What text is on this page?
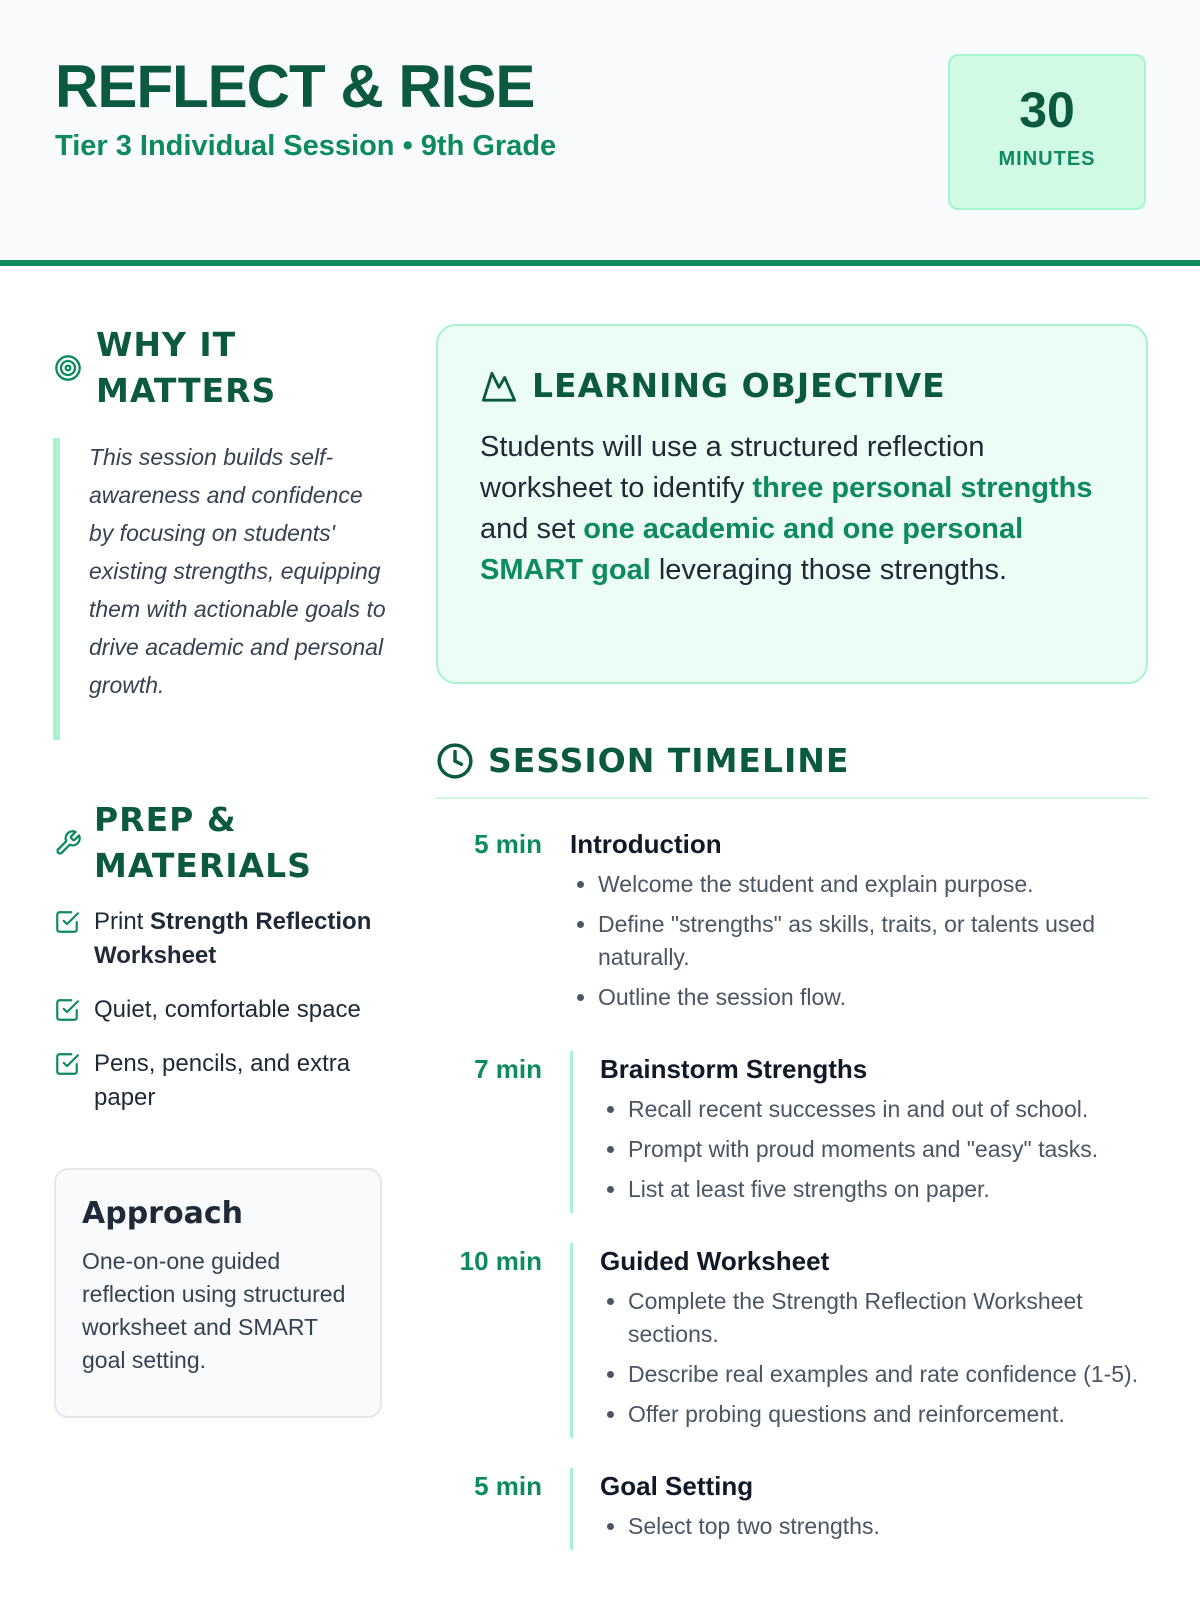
REFLECT & RISE
Tier 3 Individual Session • 9th Grade
30
MINUTES
WHY IT MATTERS
This session builds self-awareness and confidence by focusing on students' existing strengths, equipping them with actionable goals to drive academic and personal growth.
PREP & MATERIALS
Print Strength Reflection Worksheet
Quiet, comfortable space
Pens, pencils, and extra paper
Approach

One-on-one guided reflection using structured worksheet and SMART goal setting.

LEARNING OBJECTIVE

Students will use a structured reflection worksheet to identify three personal strengths and set one academic and one personal SMART goal leveraging those strengths.

SESSION TIMELINE
5 min	Introduction
• Welcome the student and explain purpose.
• Define "strengths" as skills, traits, or talents used naturally.
• Outline the session flow.
7 min	Brainstorm Strengths
• Recall recent successes in and out of school.
• Prompt with proud moments and "easy" tasks.
• List at least five strengths on paper.
10 min	Guided Worksheet
• Complete the Strength Reflection Worksheet sections.
• Describe real examples and rate confidence (1-5).
• Offer probing questions and reinforcement.
5 min	Goal Setting
• Select top two strengths.
